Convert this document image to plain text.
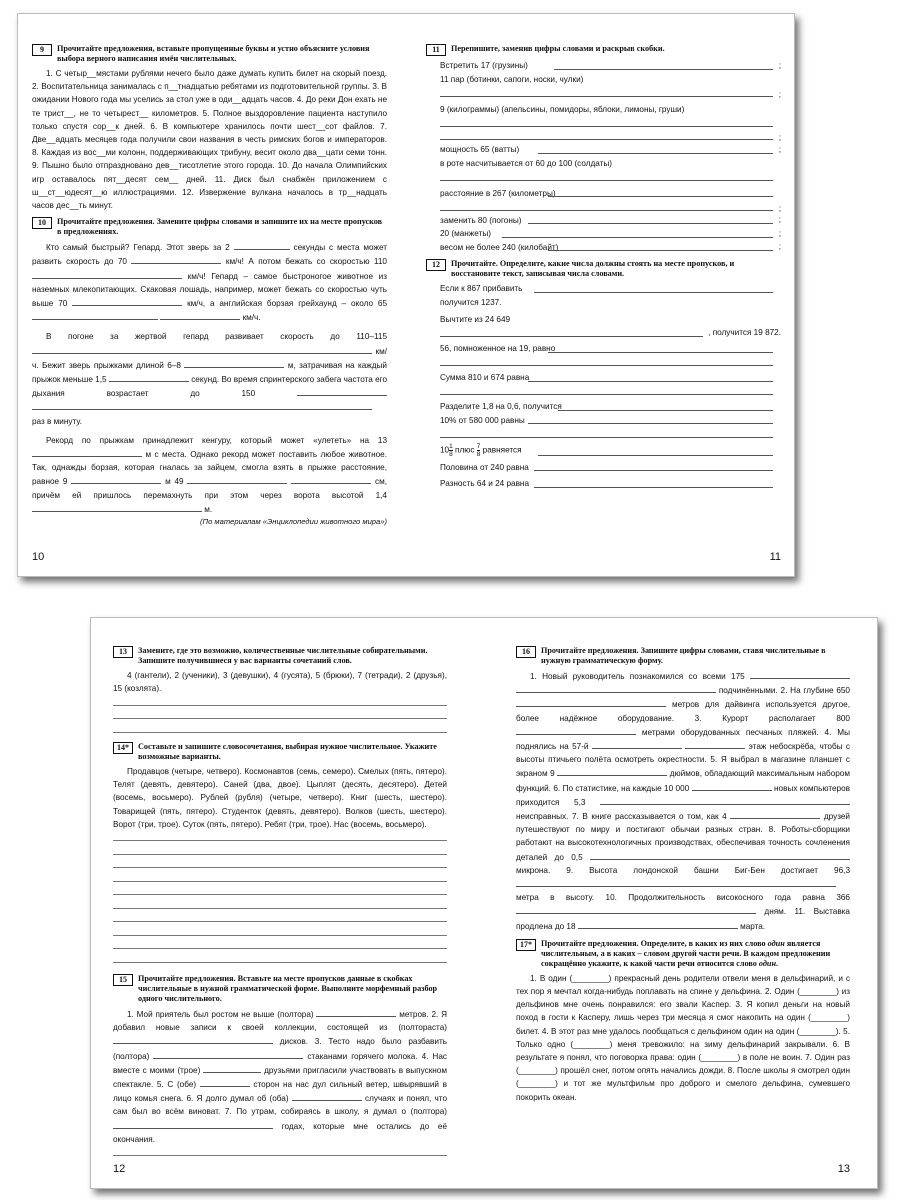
9	Прочитайте предложения, вставьте пропущенные буквы и устно объясните условия выбора верного написания имён числительных.

1. С четыр__мястами рублями нечего было даже думать купить билет на скорый поезд. 2. Воспитательница занималась с п__тнадцатью ребятами из подготовительной группы. 3. В ожидании Нового года мы уселись за стол уже в оди__адцать часов. 4. До реки Дон ехать не те трист__, не то четырест__ километров. 5. Полное выздоровление пациента наступило только спустя сор__к дней. 6. В компьютере хранилось почти шест__сот файлов. 7. Две__адцать месяцев года получили свои названия в честь римских богов и императоров. 8. Каждая из вос__ми колонн, поддерживающих трибуну, весит около два__цати семи тонн. 9. Пышно было отпраздновано дев__тисотлетие этого города. 10. До начала Олимпийских игр оставалось пят__десят сем__ дней. 11. Диск был снабжён приложением с ш__ст__юдесят__ю иллюстрациями. 12. Извержение вулкана началось в тр__надцать часов дес__ть минут.

10	Прочитайте предложения. Замените цифры словами и запишите их на месте пропусков в предложениях.

Кто самый быстрый? Гепард. Этот зверь за 2	секунды с места может развить скорость до 70	км/ч! А потом бежать со скоростью 110  км/ч! Гепард – самое быстроногое животное из наземных млекопитающих. Скаковая лошадь, например, может бежать со скоростью чуть выше 70	км/ч, а английская борзая грейхаунд – около 65   км/ч.

В погоне за жертвой гепард развивает скорость до 110–115  км/ч. Бежит зверь прыжками длиной 6–8	м, затрачивая на каждый прыжок меньше 1,5	секунд. Во время спринтерского забега частота его дыхания возрастает до 150   раз в минуту.

Рекорд по прыжкам принадлежит кенгуру, который может «улететь» на 13  м с места. Однако рекорд может поставить любое животное. Так, однажды борзая, которая гналась за зайцем, смогла взять в прыжке расстояние, равное 9	м 49	см, причём ей пришлось перемахнуть при этом через ворота высотой 1,4  м.

(По материалам «Энциклопедии животного мира»)
10
11	Перепишите, заменив цифры словами и раскрыв скобки.
Встретить 17 (грузины)	;
11 пар (ботинки, сапоги, носки, чулки)
;
9 (килограммы) (апельсины, помидоры, яблоки, лимоны, груши)
;
мощность 65 (ватты)	;
в роте насчитывается от 60 до 100 (солдаты)
расстояние в 267 (километры)
;
заменить 80 (погоны)	;
20 (манжеты)	;
весом не более 240 (килобайт)	;
12	Прочитайте. Определите, какие числа должны стоять на месте пропусков, и восстановите текст, записывая числа словами.
Если к 867 прибавить
получится 1237.
Вычтите из 24 649
, получится 19 872.
56, помноженное на 19, равно
Сумма 810 и 674 равна
Разделите 1,8 на 0,6, получится
10% от 580 000 равны
$10 \frac{1}{8}$ плюс $\frac{7}{8}$ равняется
Половина от 240 равна
Разность 64 и 24 равна
11
13	Замените, где это возможно, количественные числительные собирательными. Запишите получившиеся у вас варианты сочетаний слов.

4 (гантели), 2 (ученики), 3 (девушки), 4 (гусята), 5 (брюки), 7 (тетради), 2 (друзья), 15 (козлята).

14*	Составьте и запишите словосочетания, выбирая нужное числительное. Укажите возможные варианты.

Продавцов (четыре, четверо). Космонавтов (семь, семеро). Смелых (пять, пятеро). Телят (девять, девятеро). Саней (два, двое). Цыплят (десять, десятеро). Детей (восемь, восьмеро). Рублей (рубля) (четыре, четверо). Книг (шесть, шестеро). Товарищей (пять, пятеро). Студенток (девять, девятеро). Волков (шесть, шестеро). Ворот (три, трое). Суток (пять, пятеро). Ребят (три, трое). Нас (восемь, восьмеро).

15	Прочитайте предложения. Вставьте на месте пропусков данные в скобках числительные в нужной грамматической форме. Выполните морфемный разбор одного числительного.

1. Мой приятель был ростом не выше (полтора)	метров. 2. Я добавил новые записи к своей коллекции, состоящей из (полтораста)  дисков. 3. Тесто надо было разбавить (полтора)	стаканами горячего молока. 4. Нас вместе с моими (трое)	друзьями пригласили участвовать в выпускном спектакле. 5. С (обе)	сторон на нас дул сильный ветер, швырявший в лицо комья снега. 6. Я долго думал об (оба)	случаях и понял, что сам был во всём виноват. 7. По утрам, собираясь в школу, я думал о (полтора)  годах, которые мне остались до её окончания.

12
16	Прочитайте предложения. Запишите цифры словами, ставя числительные в нужную грамматическую форму.

1. Новый руководитель познакомился со всеми 175   подчинёнными. 2. На глубине 650  метров для дайвинга используется другое, более надёжное оборудование. 3. Курорт располагает 800  метрами оборудованных песчаных пляжей. 4. Мы поднялись на 57-й	этаж небоскрёба, чтобы с высоты птичьего полёта осмотреть окрестности. 5. Я выбрал в магазине планшет с экраном 9	дюймов, обладающий максимальным набором функций. 6. По статистике, на каждые 10 000	новых компьютеров приходится 5,3  неисправных. 7. В книге рассказывается о том, как 4	друзей путешествуют по миру и постигают обычаи разных стран. 8. Роботы-сборщики работают на высокотехнологичных производствах, обеспечивая точность сочленения деталей до 0,5  микрона. 9. Высота лондонской башни Биг-Бен достигает 96,3  метра в высоту. 10. Продолжительность високосного года равна 366  дням. 11. Выставка продлена до 18	марта.

17*	Прочитайте предложения. Определите, в каких из них слово один является числительным, а в каких – словом другой части речи. В каждом предложении сокращённо укажите, к какой части речи относится слово один.

1. В один (________) прекрасный день родители отвели меня в дельфинарий, и с тех пор я мечтал когда-нибудь поплавать на спине у дельфина. 2. Один (________) из дельфинов мне очень понравился: его звали Каспер. 3. Я копил деньги на новый поход в гости к Касперу, лишь через три месяца я смог накопить на один (________) билет. 4. В этот раз мне удалось пообщаться с дельфином один на один (________). 5. Только одно (________) меня тревожило: на зиму дельфинарий закрывали. 6. В результате я понял, что поговорка права: один (________) в поле не воин. 7. Один раз (________) прошёл снег, потом опять начались дожди. 8. После школы я смотрел один (________) и тот же мультфильм про доброго и смелого дельфина, сумевшего покорить океан.

13
